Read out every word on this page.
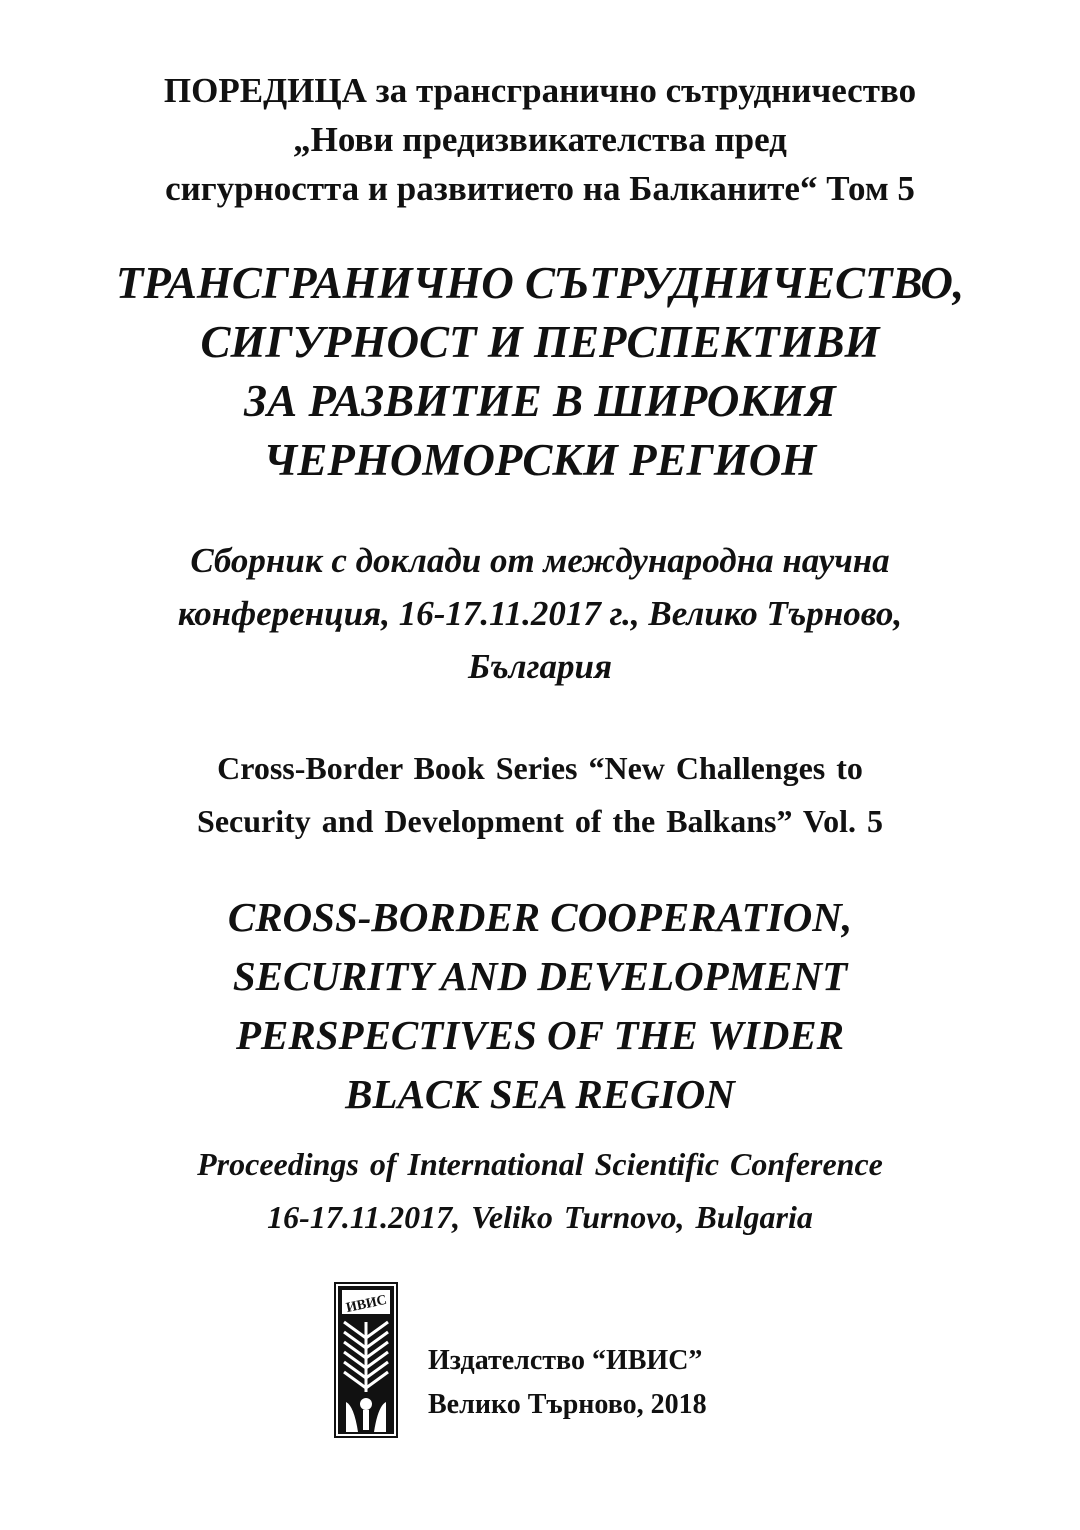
ПОРЕДИЦА за трансгранично сътрудничество
„Нови предизвикателства пред
сигурността и развитието на Балканите“ Том 5
ТРАНСГРАНИЧНО СЪТРУДНИЧЕСТВО,
СИГУРНОСТ И ПЕРСПЕКТИВИ
ЗА РАЗВИТИЕ В ШИРОКИЯ
ЧЕРНОМОРСКИ РЕГИОН
Сборник с доклади от международна научна
конференция, 16-17.11.2017 г., Велико Търново,
България
Cross-Border Book Series “New Challenges to
Security and Development of the Balkans” Vol. 5
CROSS-BORDER COOPERATION,
SECURITY AND DEVELOPMENT
PERSPECTIVES OF THE WIDER
BLACK SEA REGION
Proceedings of International Scientific Conference
16-17.11.2017, Veliko Turnovo, Bulgaria
ИВИС
Издателство “ИВИС”
Велико Търново, 2018
